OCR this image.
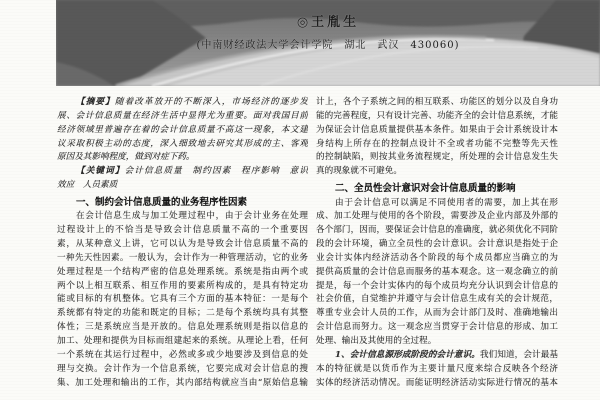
◎王胤生
(中南财经政法大学会计学院　湖北　武汉　430060)
【摘要】随着改革放开的不断深入，市场经济的逐步发
展、会计信息质量在经济生活中显得尤为重要。面对我国目前
经济领域里普遍存在着的会计信息质量不高这一现象，本文建
议采取积极主动的态度，深入细致地去研究其形成的主、客观
原因及其影响程度，做到对症下药。
【关键词】会计信息质量　制约因素　程序影响　意识
效应　人员素质
一、制约会计信息质量的业务程序性因素
在会计信息生成与加工处理过程中，由于会计业务在处理
过程设计上的不恰当是导致会计信息质量不高的一个重要因
素，从某种意义上讲，它可以认为是导致会计信息质量不高的
一种先天性因素。一般认为，会计作为一种管理活动，它的业务
处理过程是一个结构严密的信息处理系统。系统是指由两个或
两个以上相互联系、相互作用的要素所构成的，是具有特定功
能或目标的有机整体。它具有三个方面的基本特征：一是每个
系统都有特定的功能和既定的目标；二是每个系统均具有其整
体性；三是系统应当是开放的。信息处理系统则是指以信息的
加工、处理和提供为目标而组建起来的系统。从理论上看，任何
一个系统在其运行过程中，必然或多或少地要涉及到信息的处
理与交换。会计作为一个信息系统，它要完成对会计信息的搜
集、加工处理和输出的工作，其内部结构就应当由“原始信息输
计上，各个子系统之间的相互联系、功能区的划分以及自身功
能的完善程度，只有设计完善、功能齐全的会计信息系统，才能
为保证会计信息质量提供基本条件。如果由于会计系统设计本
身结构上所存在的控制点设计不全或者功能不完整等先天性
的控制缺陷，则按其业务流程规定，所处理的会计信息发生失
真的现象就不可避免。
二、全员性会计意识对会计信息质量的影响
由于会计信息可以满足不同使用者的需要，加上其在形
成、加工处理与使用的各个阶段，需要涉及企业内部及外部的
各个部门，因而，要保证会计信息的准确度，就必须优化不同阶
段的会计环境，确立全员性的会计意识。会计意识是指处于企
业会计实体内经济活动各个阶段的每个成员都应当确立的为
提供高质量的会计信息而服务的基本观念。这一观念确立的前
提是，每一个会计实体内的每个成员均充分认识到会计信息的
社会价值，自觉维护并遵守与会计信息生成有关的会计规范，
尊重专业会计人员的工作，从而为会计部门及时、准确地输出
会计信息而努力。这一观念应当贯穿于会计信息的形成、加工
处理、输出及其使用的全过程。
1、会计信息源形成阶段的会计意识。我们知道，会计最基
本的特征就是以货币作为主要计量尺度来综合反映各个经济
实体的经济活动情况。而能证明经济活动实际进行情况的基本
